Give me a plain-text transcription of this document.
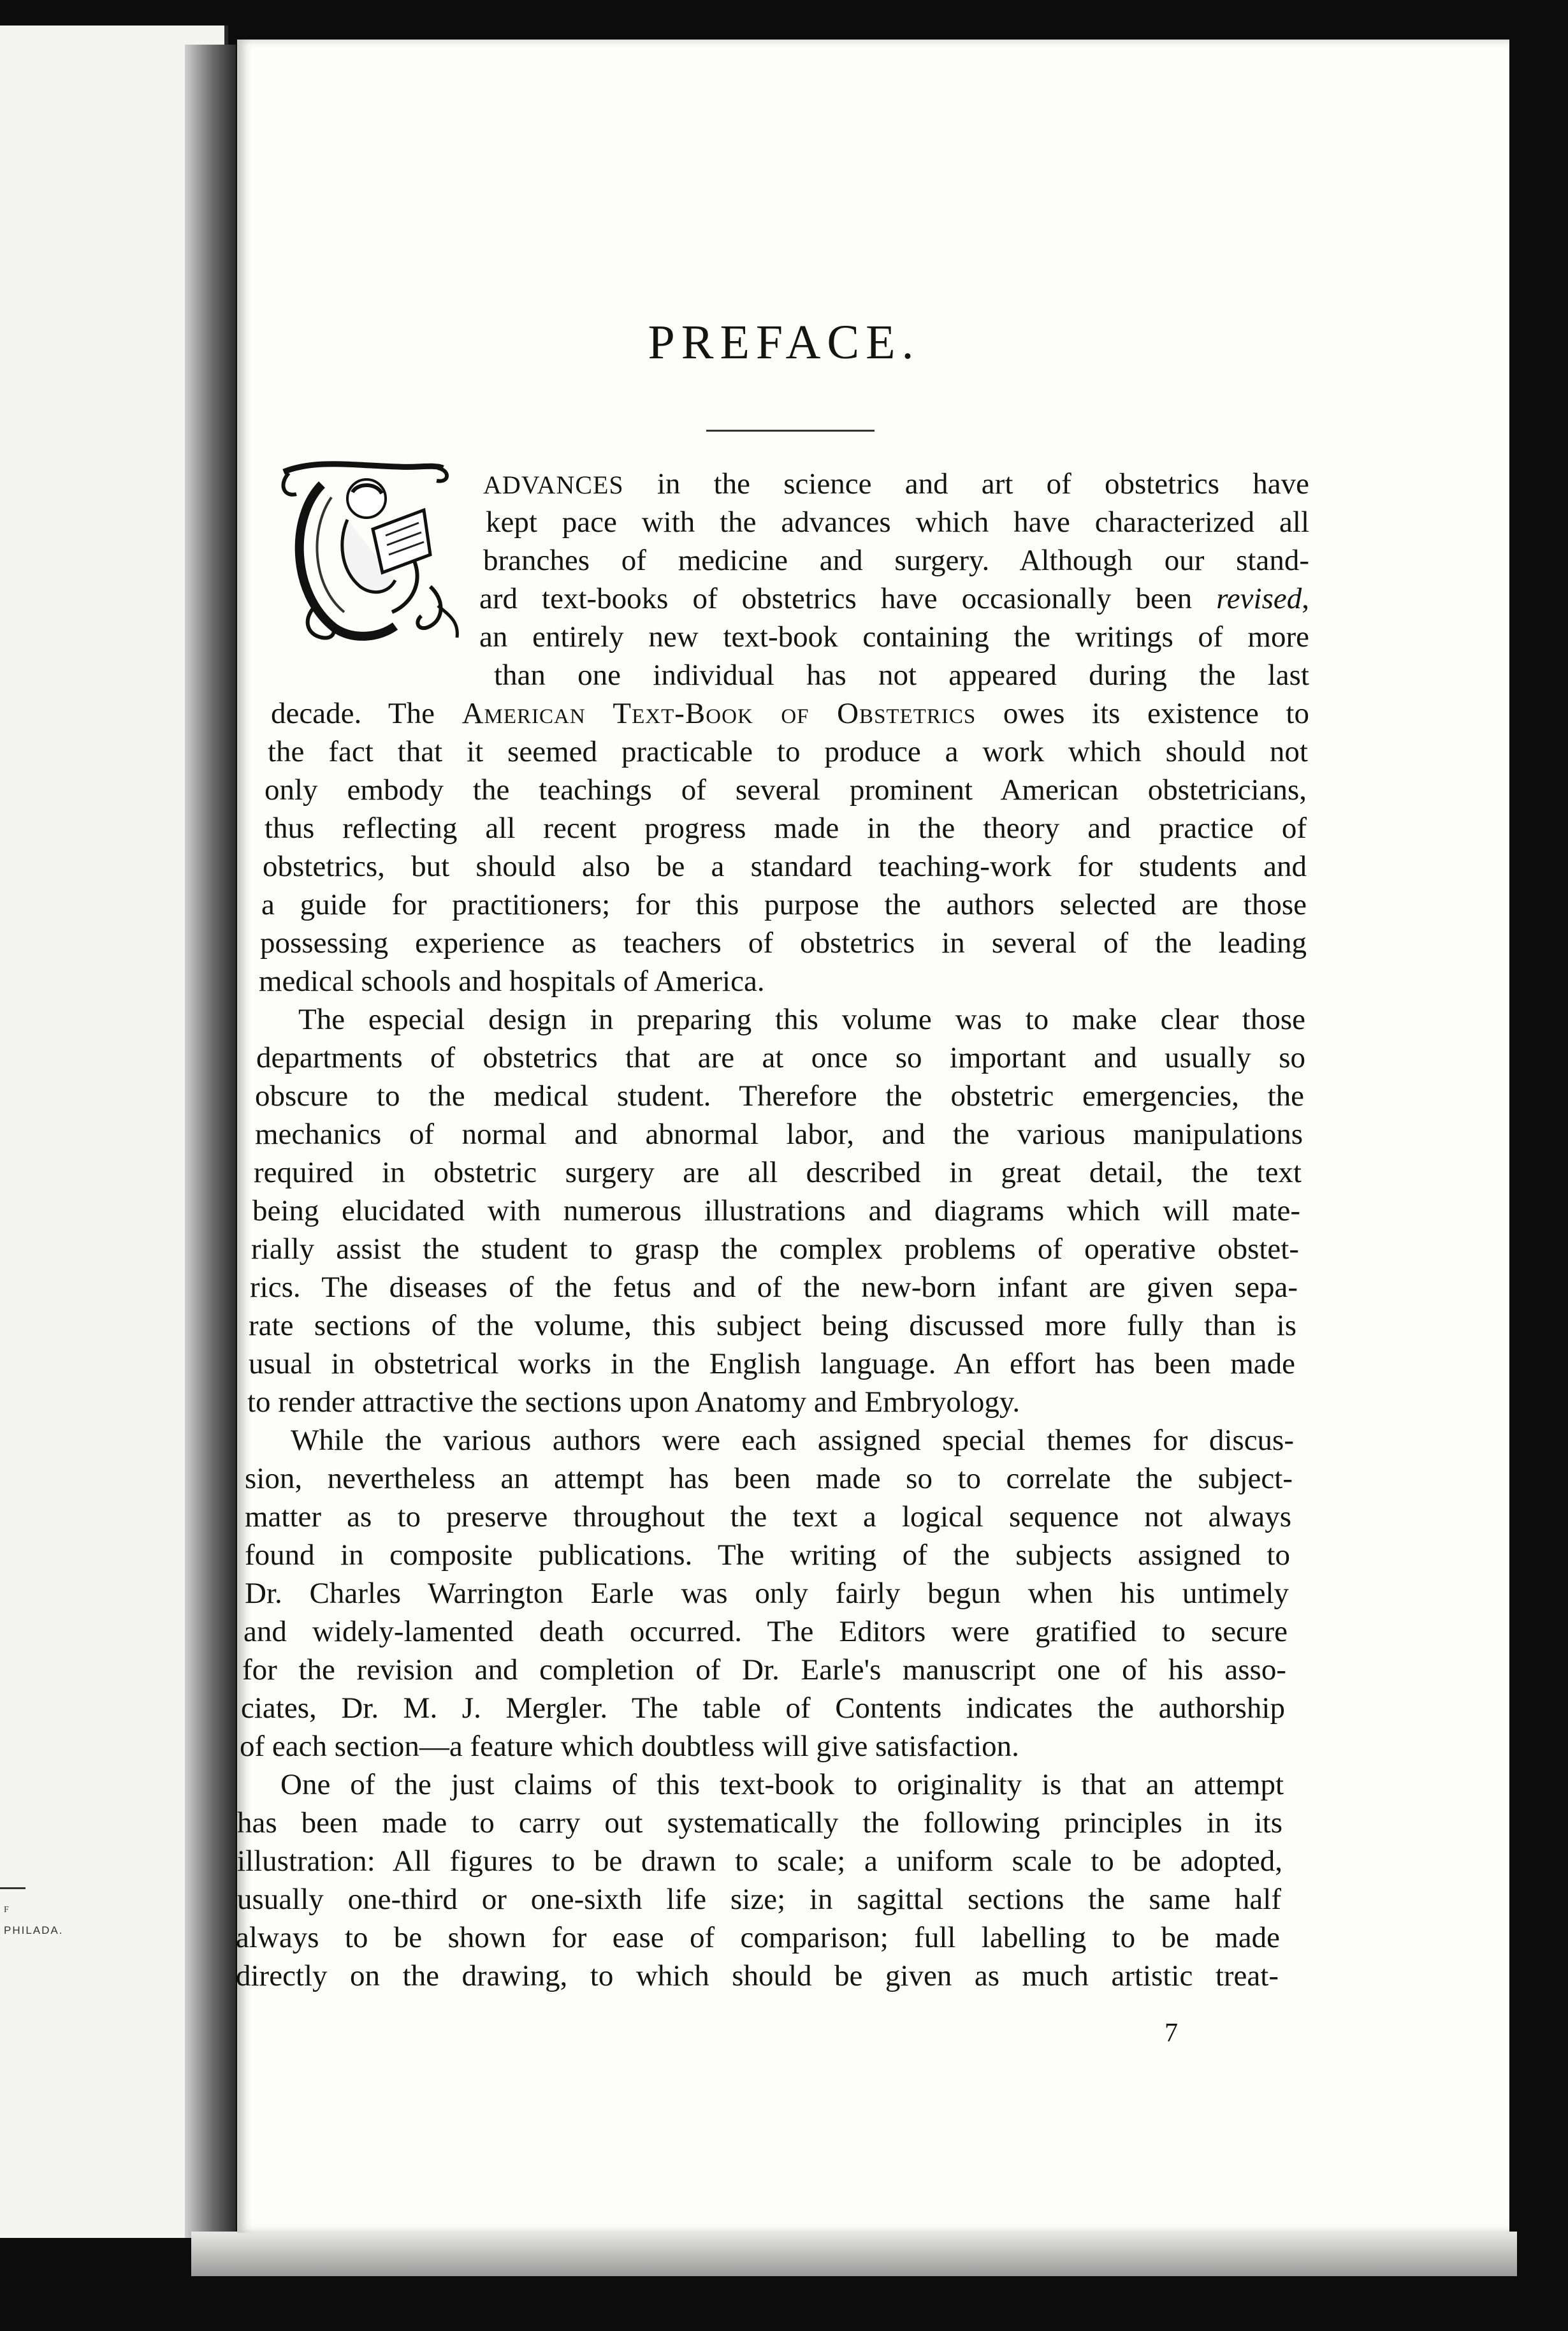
F
PHILADA.
PREFACE.
ADVANCES in the science and art of obstetrics have
kept pace with the advances which have characterized all
branches of medicine and surgery. Although our stand-
ard text-books of obstetrics have occasionally been revised,
an entirely new text-book containing the writings of more
than one individual has not appeared during the last
decade. The American Text-Book of Obstetrics owes its existence to
the fact that it seemed practicable to produce a work which should not
only embody the teachings of several prominent American obstetricians,
thus reflecting all recent progress made in the theory and practice of
obstetrics, but should also be a standard teaching-work for students and
a guide for practitioners; for this purpose the authors selected are those
possessing experience as teachers of obstetrics in several of the leading
medical schools and hospitals of America.
The especial design in preparing this volume was to make clear those
departments of obstetrics that are at once so important and usually so
obscure to the medical student. Therefore the obstetric emergencies, the
mechanics of normal and abnormal labor, and the various manipulations
required in obstetric surgery are all described in great detail, the text
being elucidated with numerous illustrations and diagrams which will mate-
rially assist the student to grasp the complex problems of operative obstet-
rics. The diseases of the fetus and of the new-born infant are given sepa-
rate sections of the volume, this subject being discussed more fully than is
usual in obstetrical works in the English language. An effort has been made
to render attractive the sections upon Anatomy and Embryology.
While the various authors were each assigned special themes for discus-
sion, nevertheless an attempt has been made so to correlate the subject-
matter as to preserve throughout the text a logical sequence not always
found in composite publications. The writing of the subjects assigned to
Dr. Charles Warrington Earle was only fairly begun when his untimely
and widely-lamented death occurred. The Editors were gratified to secure
for the revision and completion of Dr. Earle's manuscript one of his asso-
ciates, Dr. M. J. Mergler. The table of Contents indicates the authorship
of each section—a feature which doubtless will give satisfaction.
One of the just claims of this text-book to originality is that an attempt
has been made to carry out systematically the following principles in its
illustration: All figures to be drawn to scale; a uniform scale to be adopted,
usually one-third or one-sixth life size; in sagittal sections the same half
always to be shown for ease of comparison; full labelling to be made
directly on the drawing, to which should be given as much artistic treat-
7
